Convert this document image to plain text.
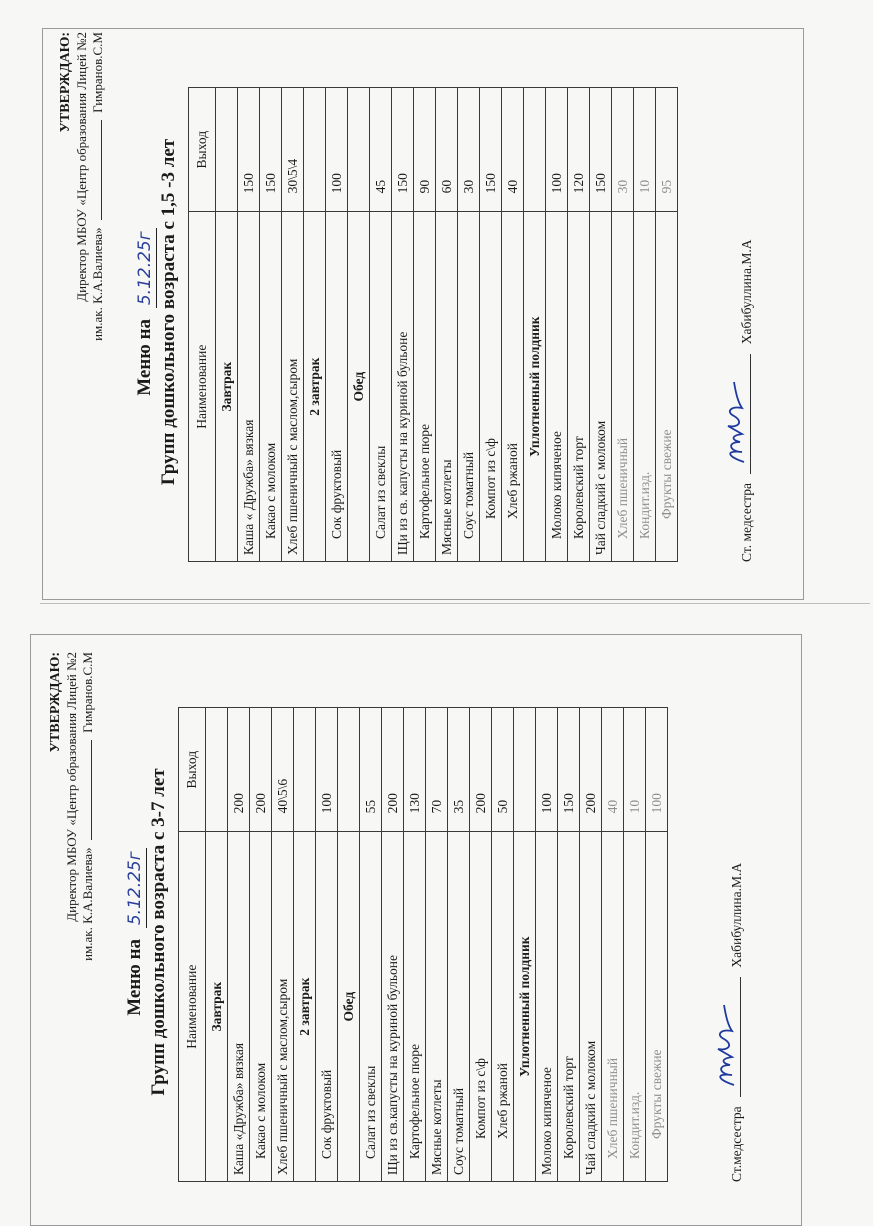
УТВЕРЖДАЮ: Директор МБОУ «Центр образования Лицей №2 им.ак. К.А.Валиева»  Гимранов.С.М
Меню на 5.12.25г Групп дошкольного возраста с 1,5 -3 лет Наименование	Выход
Завтрак	
Каша « Дружба» вязкая	150
Какао с молоком	150
Хлеб пшеничный с маслом,сыром	30\5\4
2 завтрак	
Сок фруктовый	100
Обед	
Салат из свеклы	45
Щи из св. капусты на куриной бульоне	150
Картофельное пюре	90
Мясные котлеты	60
Соус томатный	30
Компот из с\ф	150
Хлеб ржаной	40
Уплотненный полдник	
Молоко кипяченое	100
Королевский торт	120
Чай сладкий с молоком	150
Хлеб пшеничный	30
Кондит.изд.	10
Фрукты свежие	95
Ст. медсестра
Хабибуллина.М.А
УТВЕРЖДАЮ: Директор МБОУ «Центр образования Лицей №2 им.ак. К.А.Валиева»  Гимранов.С.М
Меню на 5.12.25г Групп дошкольного возраста с 3-7 лет Наименование	Выход
Завтрак	
Каша «Дружба» вязкая	200
Какао с молоком	200
Хлеб пшеничный с маслом,сыром	40\5\6
2 завтрак	
Сок фруктовый	100
Обед	
Салат из свеклы	55
Щи из св.капусты на куриной бульоне	200
Картофельное пюре	130
Мясные котлеты	70
Соус томатный	35
Компот из с\ф	200
Хлеб ржаной	50
Уплотненный полдник	
Молоко кипяченое	100
Королевский торт	150
Чай сладкий с молоком	200
Хлеб пшеничный	40
Кондит.изд.	10
Фрукты свежие	100
Ст.медсестра
Хабибуллина.М.А
